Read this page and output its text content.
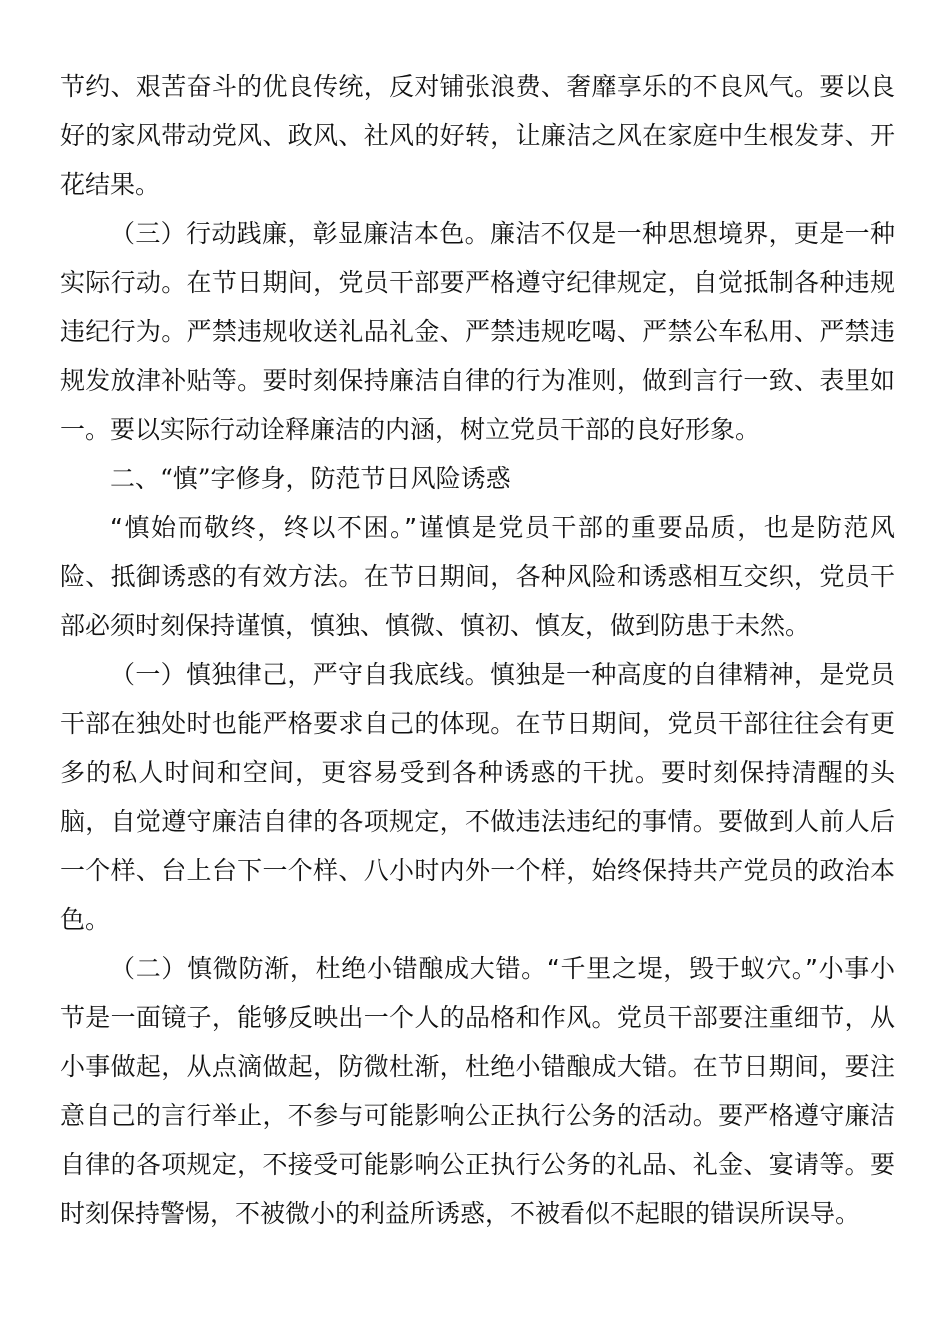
节约、艰苦奋斗的优良传统，反对铺张浪费、奢靡享乐的不良风气。要以良好的家风带动党风、政风、社风的好转，让廉洁之风在家庭中生根发芽、开花结果。

（三）行动践廉，彰显廉洁本色。廉洁不仅是一种思想境界，更是一种实际行动。在节日期间，党员干部要严格遵守纪律规定，自觉抵制各种违规违纪行为。严禁违规收送礼品礼金、严禁违规吃喝、严禁公车私用、严禁违规发放津补贴等。要时刻保持廉洁自律的行为准则，做到言行一致、表里如一。要以实际行动诠释廉洁的内涵，树立党员干部的良好形象。

二、“慎”字修身，防范节日风险诱惑

“慎始而敬终，终以不困。”谨慎是党员干部的重要品质，也是防范风险、抵御诱惑的有效方法。在节日期间，各种风险和诱惑相互交织，党员干部必须时刻保持谨慎，慎独、慎微、慎初、慎友，做到防患于未然。

（一）慎独律己，严守自我底线。慎独是一种高度的自律精神，是党员干部在独处时也能严格要求自己的体现。在节日期间，党员干部往往会有更多的私人时间和空间，更容易受到各种诱惑的干扰。要时刻保持清醒的头脑，自觉遵守廉洁自律的各项规定，不做违法违纪的事情。要做到人前人后一个样、台上台下一个样、八小时内外一个样，始终保持共产党员的政治本色。

（二）慎微防渐，杜绝小错酿成大错。“千里之堤，毁于蚁穴。”小事小节是一面镜子，能够反映出一个人的品格和作风。党员干部要注重细节，从小事做起，从点滴做起，防微杜渐，杜绝小错酿成大错。在节日期间，要注意自己的言行举止，不参与可能影响公正执行公务的活动。要严格遵守廉洁自律的各项规定，不接受可能影响公正执行公务的礼品、礼金、宴请等。要时刻保持警惕，不被微小的利益所诱惑，不被看似不起眼的错误所误导。
